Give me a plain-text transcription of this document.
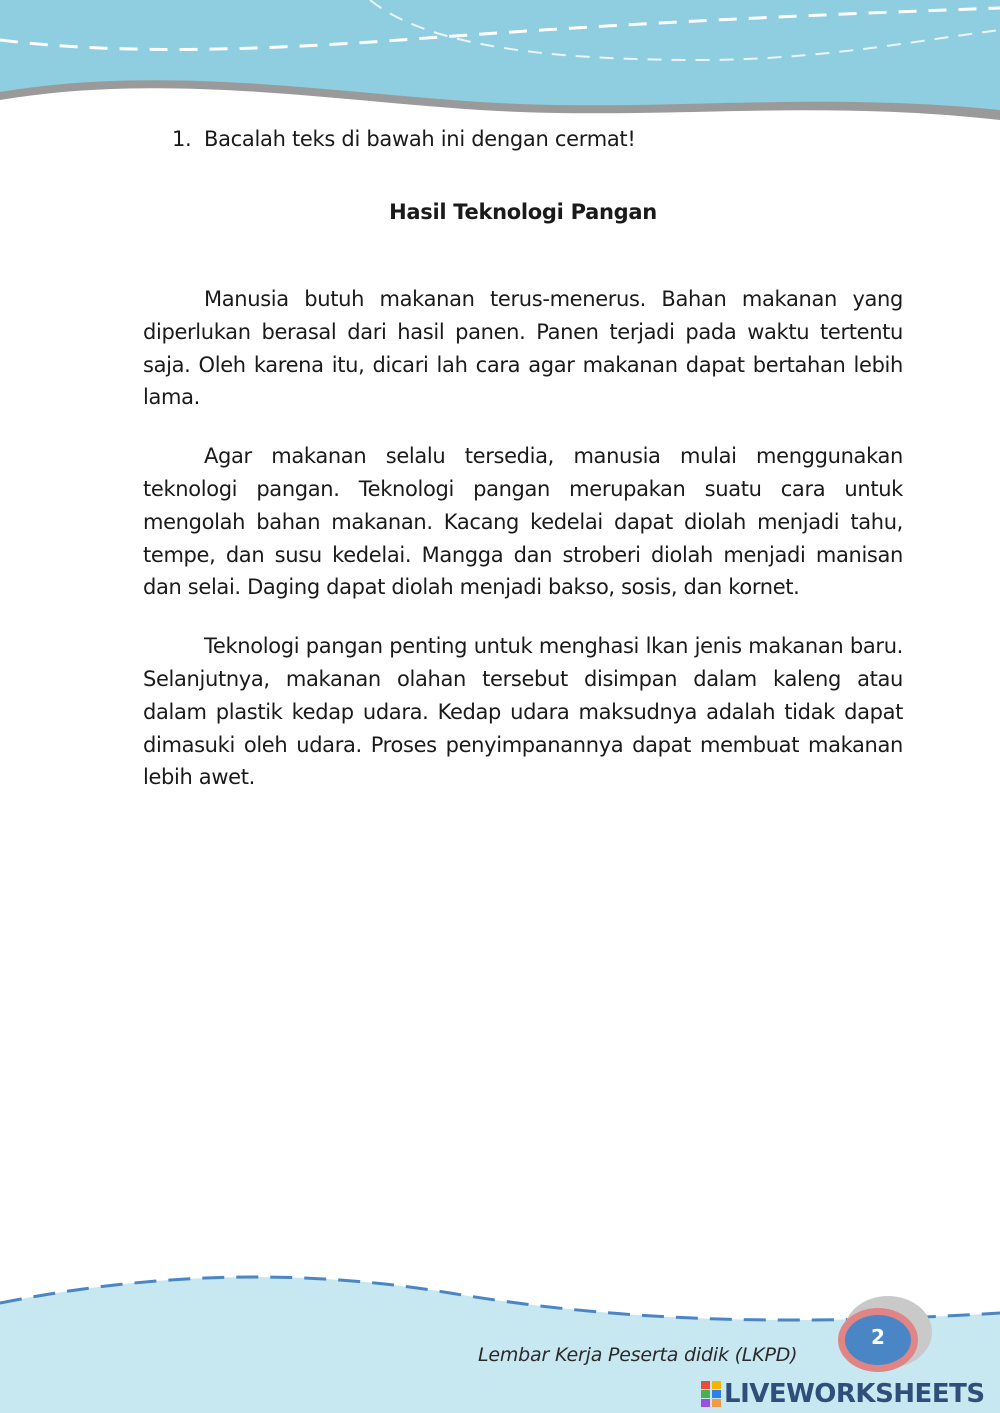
1. Bacalah teks di bawah ini dengan cermat!
Hasil Teknologi Pangan

Manusia butuh makanan terus-menerus. Bahan makanan yang diperlukan berasal dari hasil panen. Panen terjadi pada waktu tertentu saja. Oleh karena itu, dicari lah cara agar makanan dapat bertahan lebih lama.

Agar makanan selalu tersedia, manusia mulai menggunakan teknologi pangan. Teknologi pangan merupakan suatu cara untuk mengolah bahan makanan. Kacang kedelai dapat diolah menjadi tahu, tempe, dan susu kedelai. Mangga dan stroberi diolah menjadi manisan dan selai. Daging dapat diolah menjadi bakso, sosis, dan kornet.

Teknologi pangan penting untuk menghasi lkan jenis makanan baru. Selanjutnya, makanan olahan tersebut disimpan dalam kaleng atau dalam plastik kedap udara. Kedap udara maksudnya adalah tidak dapat dimasuki oleh udara. Proses penyimpanannya dapat membuat makanan lebih awet.

Lembar Kerja Peserta didik (LKPD)
2
LIVEWORKSHEETS
